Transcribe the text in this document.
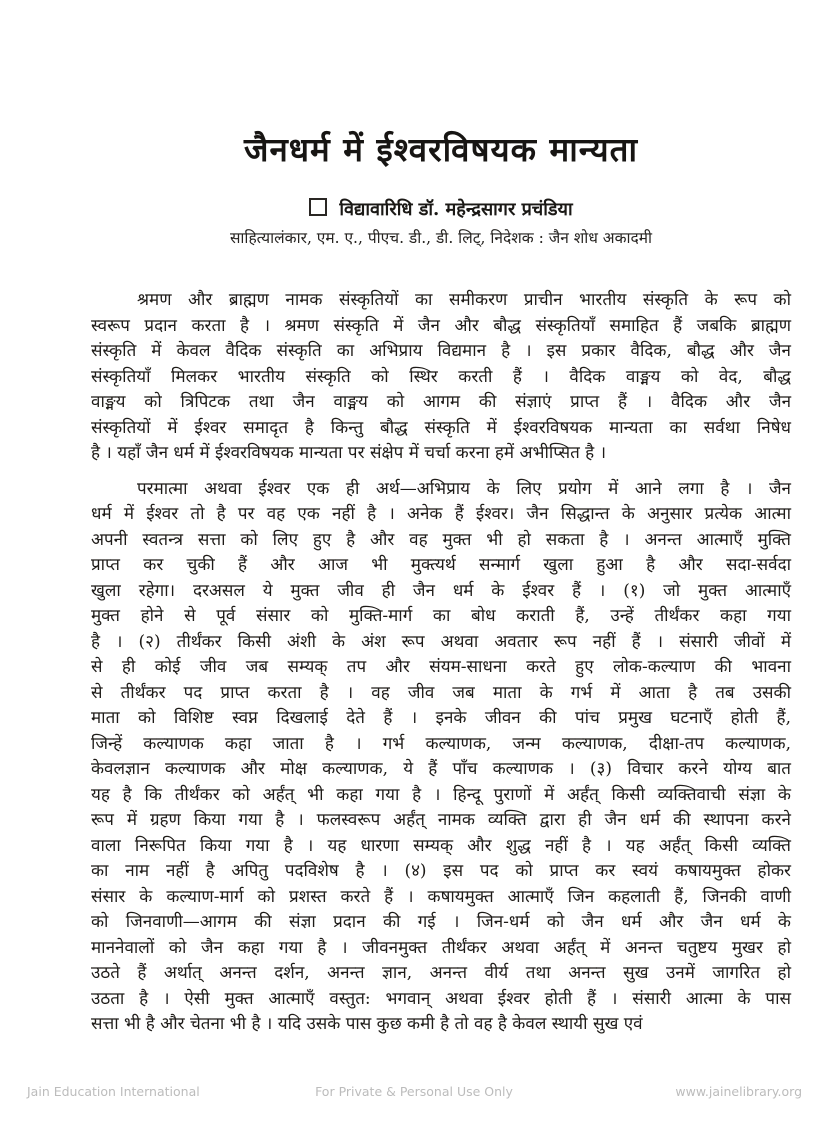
जैनधर्म में ईश्वरविषयक मान्यता
विद्यावारिधि डॉ. महेन्द्रसागर प्रचंडिया
साहित्यालंकार, एम. ए., पीएच. डी., डी. लिट्, निदेशक : जैन शोध अकादमी
श्रमण और ब्राह्मण नामक संस्कृतियों का समीकरण प्राचीन भारतीय संस्कृति के रूप को
स्वरूप प्रदान करता है । श्रमण संस्कृति में जैन और बौद्ध संस्कृतियाँ समाहित हैं जबकि ब्राह्मण
संस्कृति में केवल वैदिक संस्कृति का अभिप्राय विद्यमान है । इस प्रकार वैदिक, बौद्ध और जैन
संस्कृतियाँ मिलकर भारतीय संस्कृति को स्थिर करती हैं । वैदिक वाङ्मय को वेद, बौद्ध
वाङ्मय को त्रिपिटक तथा जैन वाङ्मय को आगम की संज्ञाएं प्राप्त हैं । वैदिक और जैन
संस्कृतियों में ईश्वर समादृत है किन्तु बौद्ध संस्कृति में ईश्वरविषयक मान्यता का सर्वथा निषेध
है । यहाँ जैन धर्म में ईश्वरविषयक मान्यता पर संक्षेप में चर्चा करना हमें अभीप्सित है ।
परमात्मा अथवा ईश्वर एक ही अर्थ—अभिप्राय के लिए प्रयोग में आने लगा है । जैन
धर्म में ईश्वर तो है पर वह एक नहीं है । अनेक हैं ईश्वर। जैन सिद्धान्त के अनुसार प्रत्येक आत्मा
अपनी स्वतन्त्र सत्ता को लिए हुए है और वह मुक्त भी हो सकता है । अनन्त आत्माएँ मुक्ति
प्राप्त कर चुकी हैं और आज भी मुक्त्यर्थ सन्मार्ग खुला हुआ है और सदा-सर्वदा
खुला रहेगा। दरअसल ये मुक्त जीव ही जैन धर्म के ईश्वर हैं । (१) जो मुक्त आत्माएँ
मुक्त होने से पूर्व संसार को मुक्ति-मार्ग का बोध कराती हैं, उन्हें तीर्थंकर कहा गया
है । (२) तीर्थंकर किसी अंशी के अंश रूप अथवा अवतार रूप नहीं हैं । संसारी जीवों में
से ही कोई जीव जब सम्यक् तप और संयम-साधना करते हुए लोक-कल्याण की भावना
से तीर्थंकर पद प्राप्त करता है । वह जीव जब माता के गर्भ में आता है तब उसकी
माता को विशिष्ट स्वप्न दिखलाई देते हैं । इनके जीवन की पांच प्रमुख घटनाएँ होती हैं,
जिन्हें कल्याणक कहा जाता है । गर्भ कल्याणक, जन्म कल्याणक, दीक्षा-तप कल्याणक,
केवलज्ञान कल्याणक और मोक्ष कल्याणक, ये हैं पाँच कल्याणक । (३) विचार करने योग्य बात
यह है कि तीर्थंकर को अर्हंत् भी कहा गया है । हिन्दू पुराणों में अर्हंत् किसी व्यक्तिवाची संज्ञा के
रूप में ग्रहण किया गया है । फलस्वरूप अर्हंत् नामक व्यक्ति द्वारा ही जैन धर्म की स्थापना करने
वाला निरूपित किया गया है । यह धारणा सम्यक् और शुद्ध नहीं है । यह अर्हंत् किसी व्यक्ति
का नाम नहीं है अपितु पदविशेष है । (४) इस पद को प्राप्त कर स्वयं कषायमुक्त होकर
संसार के कल्याण-मार्ग को प्रशस्त करते हैं । कषायमुक्त आत्माएँ जिन कहलाती हैं, जिनकी वाणी
को जिनवाणी—आगम की संज्ञा प्रदान की गई । जिन-धर्म को जैन धर्म और जैन धर्म के
माननेवालों को जैन कहा गया है । जीवनमुक्त तीर्थंकर अथवा अर्हंत् में अनन्त चतुष्टय मुखर हो
उठते हैं अर्थात् अनन्त दर्शन, अनन्त ज्ञान, अनन्त वीर्य तथा अनन्त सुख उनमें जागरित हो
उठता है । ऐसी मुक्त आत्माएँ वस्तुत: भगवान् अथवा ईश्वर होती हैं । संसारी आत्मा के पास
सत्ता भी है और चेतना भी है । यदि उसके पास कुछ कमी है तो वह है केवल स्थायी सुख एवं
Jain Education International	For Private & Personal Use Only	www.jainelibrary.org
